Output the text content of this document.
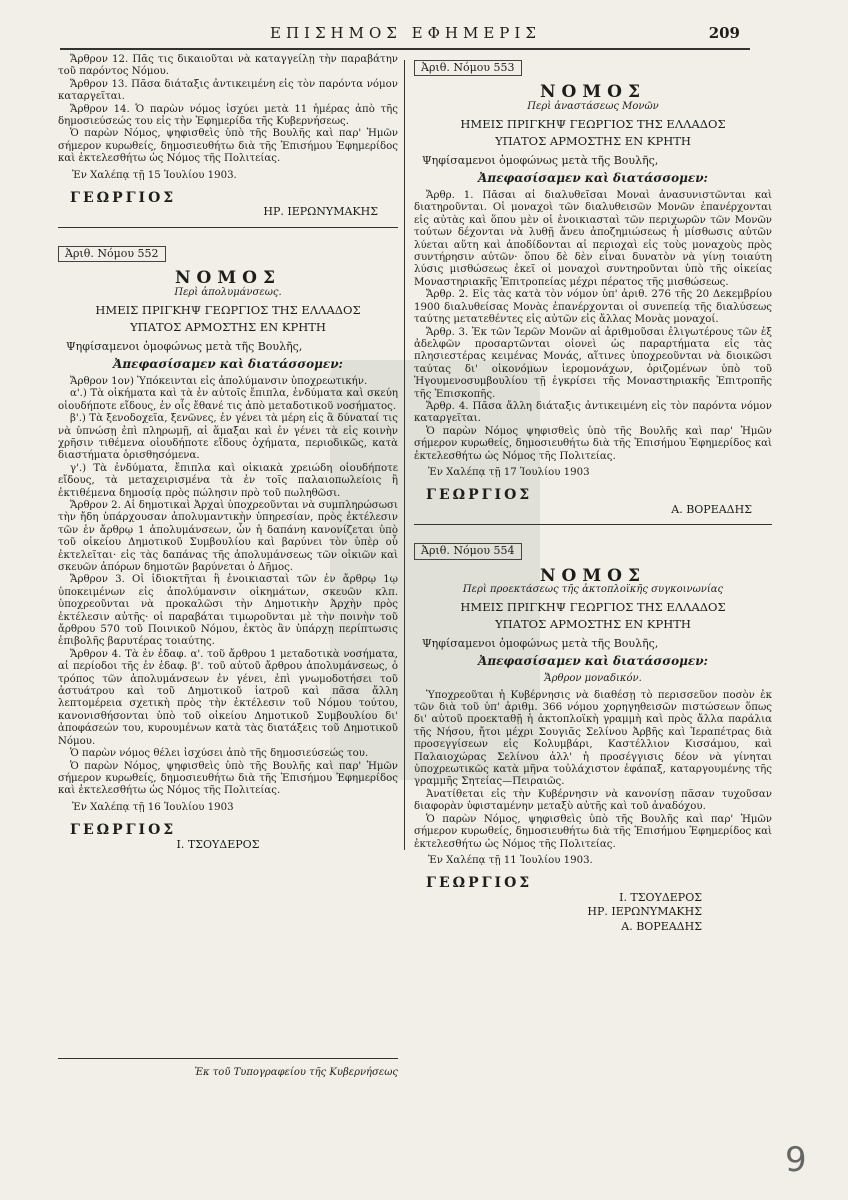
ΕΠΙΣΗΜΟΣ ΕΦΗΜΕΡΙΣ	209

Ἄρθρον 12. Πᾶς τις δικαιοῦται νὰ καταγγείλῃ τὴν παραβάτην τοῦ παρόντος Νόμου.

Ἄρθρον 13. Πᾶσα διάταξις ἀντικειμένη εἰς τὸν παρόντα νόμον καταργεῖται.

Ἄρθρον 14. Ὁ παρὼν νόμος ἰσχύει μετὰ 11 ἡμέρας ἀπὸ τῆς δημοσιεύσεώς του εἰς τὴν Ἐφημερίδα τῆς Κυβερνήσεως.

Ὁ παρὼν Νόμος, ψηφισθεὶς ὑπὸ τῆς Βουλῆς καὶ παρ' Ἡμῶν σήμερον κυρωθείς, δημοσιευθήτω διὰ τῆς Ἐπισήμου Ἐφημερίδος καὶ ἐκτελεσθήτω ὡς Νόμος τῆς Πολιτείας.

Ἐν Χαλέπᾳ τῇ 15 Ἰουλίου 1903.
ΓΕΩΡΓΙΟΣ
ΗΡ. ΙΕΡΩΝΥΜΑΚΗΣ
Ἀριθ. Νόμου 552
ΝΟΜΟΣ
Περὶ ἀπολυμάνσεως.
ΗΜΕΙΣ ΠΡΙΓΚΗΨ ΓΕΩΡΓΙΟΣ ΤΗΣ ΕΛΛΑΔΟΣ
ΥΠΑΤΟΣ ΑΡΜΟΣΤΗΣ ΕΝ ΚΡΗΤΗ
Ψηφίσαμενοι ὁμοφώνως μετὰ τῆς Βουλῆς,
Ἀπεφασίσαμεν καὶ διατάσσομεν:

Ἄρθρον 1ον) Ὑπόκεινται εἰς ἀπολύμανσιν ὑποχρεωτικήν.

α'.) Τὰ οἰκήματα καὶ τὰ ἐν αὐτοῖς ἔπιπλα, ἐνδύματα καὶ σκεύη οἱουδήποτε εἴδους, ἐν οἷς ἔθανέ τις ἀπὸ μεταδοτικοῦ νοσήματος.

β'.) Τὰ ξενοδοχεῖα, ξενῶνες, ἐν γένει τὰ μέρη εἰς ἃ δύναταί τις νὰ ὑπνώσῃ ἐπὶ πληρωμῇ, αἱ ἅμαξαι καὶ ἐν γένει τὰ εἰς κοινὴν χρῆσιν τιθέμενα οἱουδήποτε εἴδους ὀχήματα, περιοδικῶς, κατὰ διαστήματα ὁρισθησόμενα.

γ'.) Τὰ ἐνδύματα, ἔπιπλα καὶ οἰκιακὰ χρειώδη οἱουδήποτε εἴδους, τὰ μεταχειρισμένα τὰ ἐν τοῖς παλαιοπωλείοις ἢ ἐκτιθέμενα δημοσίᾳ πρὸς πώλησιν πρὸ τοῦ πωληθῶσι.

Ἄρθρον 2. Αἱ δημοτικαὶ Ἀρχαὶ ὑποχρεοῦνται νὰ συμπληρώσωσι τὴν ἤδη ὑπάρχουσαν ἀπολυμαντικὴν ὑπηρεσίαν, πρὸς ἐκτέλεσιν τῶν ἐν ἄρθρῳ 1 ἀπολυμάνσεων, ὧν ἡ δαπάνη κανονίζεται ὑπὸ τοῦ οἰκείου Δημοτικοῦ Συμβουλίου καὶ βαρύνει τὸν ὑπὲρ οὗ ἐκτελεῖται· εἰς τὰς δαπάνας τῆς ἀπολυμάνσεως τῶν οἰκιῶν καὶ σκευῶν ἀπόρων δημοτῶν βαρύνεται ὁ Δῆμος.

Ἄρθρον 3. Οἱ ἰδιοκτῆται ἢ ἐνοικιασταὶ τῶν ἐν ἄρθρῳ 1ῳ ὑποκειμένων εἰς ἀπολύμανσιν οἰκημάτων, σκευῶν κλπ. ὑποχρεοῦνται νὰ προκαλῶσι τὴν Δημοτικὴν Ἀρχὴν πρὸς ἐκτέλεσιν αὐτῆς· οἱ παραβάται τιμωροῦνται μὲ τὴν ποινὴν τοῦ ἄρθρου 570 τοῦ Ποινικοῦ Νόμου, ἐκτὸς ἂν ὑπάρχῃ περίπτωσις ἐπιβολῆς βαρυτέρας τοιαύτης.

Ἄρθρον 4. Τὰ ἐν ἐδαφ. α'. τοῦ ἄρθρου 1 μεταδοτικὰ νοσήματα, αἱ περίοδοι τῆς ἐν ἐδαφ. β'. τοῦ αὐτοῦ ἄρθρου ἀπολυμάνσεως, ὁ τρόπος τῶν ἀπολυμάνσεων ἐν γένει, ἐπὶ γνωμοδοτήσει τοῦ ἀστυάτρου καὶ τοῦ Δημοτικοῦ ἰατροῦ καὶ πᾶσα ἄλλη λεπτομέρεια σχετικὴ πρὸς τὴν ἐκτέλεσιν τοῦ Νόμου τούτου, κανονισθήσονται ὑπὸ τοῦ οἰκείου Δημοτικοῦ Συμβουλίου δι' ἀποφάσεών του, κυρουμένων κατὰ τὰς διατάξεις τοῦ Δημοτικοῦ Νόμου.

Ὁ παρὼν νόμος θέλει ἰσχύσει ἀπὸ τῆς δημοσιεύσεώς του.

Ὁ παρὼν Νόμος, ψηφισθεὶς ὑπὸ τῆς Βουλῆς καὶ παρ' Ἡμῶν σήμερον κυρωθείς, δημοσιευθήτω διὰ τῆς Ἐπισήμου Ἐφημερίδος καὶ ἐκτελεσθήτω ὡς Νόμος τῆς Πολιτείας.

Ἐν Χαλέπᾳ τῇ 16 Ἰουλίου 1903
ΓΕΩΡΓΙΟΣ
Ι. ΤΣΟΥΔΕΡΟΣ
Ἀριθ. Νόμου 553
ΝΟΜΟΣ
Περὶ ἀναστάσεως Μονῶν
ΗΜΕΙΣ ΠΡΙΓΚΗΨ ΓΕΩΡΓΙΟΣ ΤΗΣ ΕΛΛΑΔΟΣ
ΥΠΑΤΟΣ ΑΡΜΟΣΤΗΣ ΕΝ ΚΡΗΤΗ
Ψηφίσαμενοι ὁμοφώνως μετὰ τῆς Βουλῆς,
Ἀπεφασίσαμεν καὶ διατάσσομεν:

Ἄρθρ. 1. Πᾶσαι αἱ διαλυθεῖσαι Μοναὶ ἀνασυνιστῶνται καὶ διατηροῦνται. Οἱ μοναχοὶ τῶν διαλυθεισῶν Μονῶν ἐπανέρχονται εἰς αὐτὰς καὶ ὅπου μὲν οἱ ἐνοικιασταὶ τῶν περιχωρῶν τῶν Μονῶν τούτων δέχονται νὰ λυθῇ ἄνευ ἀποζημιώσεως ἡ μίσθωσις αὐτῶν λύεται αὕτη καὶ ἀποδίδονται αἱ περιοχαὶ εἰς τοὺς μοναχοὺς πρὸς συντήρησιν αὐτῶν· ὅπου δὲ δὲν εἶναι δυνατὸν νὰ γίνῃ τοιαύτη λύσις μισθώσεως ἐκεῖ οἱ μοναχοὶ συντηροῦνται ὑπὸ τῆς οἰκείας Μοναστηριακῆς Ἐπιτροπείας μέχρι πέρατος τῆς μισθώσεως.

Ἄρθρ. 2. Εἰς τὰς κατὰ τὸν νόμον ὑπ' ἀριθ. 276 τῆς 20 Δεκεμβρίου 1900 διαλυθείσας Μονὰς ἐπανέρχονται οἱ συνεπείᾳ τῆς διαλύσεως ταύτης μετατεθέντες εἰς αὐτῶν εἰς ἄλλας Μονὰς μοναχοί.

Ἄρθρ. 3. Ἐκ τῶν Ἱερῶν Μονῶν αἱ ἀριθμοῦσαι ἐλιγωτέρους τῶν ἐξ ἀδελφῶν προσαρτῶνται οἱονεὶ ὡς παραρτήματα εἰς τὰς πλησιεστέρας κειμένας Μονάς, αἵτινες ὑποχρεοῦνται νὰ διοικῶσι ταύτας δι' οἰκονόμων ἱερομονάχων, ὁριζομένων ὑπὸ τοῦ Ἡγουμενοσυμβουλίου τῇ ἐγκρίσει τῆς Μοναστηριακῆς Ἐπιτροπῆς τῆς Ἐπισκοπῆς.

Ἄρθρ. 4. Πᾶσα ἄλλη διάταξις ἀντικειμένη εἰς τὸν παρόντα νόμον καταργεῖται.

Ὁ παρὼν Νόμος ψηφισθεὶς ὑπὸ τῆς Βουλῆς καὶ παρ' Ἡμῶν σήμερον κυρωθείς, δημοσιευθήτω διὰ τῆς Ἐπισήμου Ἐφημερίδος καὶ ἐκτελεσθήτω ὡς Νόμος τῆς Πολιτείας.

Ἐν Χαλέπᾳ τῇ 17 Ἰουλίου 1903
ΓΕΩΡΓΙΟΣ
Α. ΒΟΡΕΑΔΗΣ
Ἀριθ. Νόμου 554
ΝΟΜΟΣ
Περὶ προεκτάσεως τῆς ἀκτοπλοϊκῆς συγκοινωνίας
ΗΜΕΙΣ ΠΡΙΓΚΗΨ ΓΕΩΡΓΙΟΣ ΤΗΣ ΕΛΛΑΔΟΣ
ΥΠΑΤΟΣ ΑΡΜΟΣΤΗΣ ΕΝ ΚΡΗΤΗ
Ψηφίσαμενοι ὁμοφώνως μετὰ τῆς Βουλῆς,
Ἀπεφασίσαμεν καὶ διατάσσομεν:
Ἄρθρον μοναδικόν.

Ὑποχρεοῦται ἡ Κυβέρνησις νὰ διαθέσῃ τὸ περισσεῦον ποσὸν ἐκ τῶν διὰ τοῦ ὑπ' ἀριθμ. 366 νόμου χορηγηθεισῶν πιστώσεων ὅπως δι' αὐτοῦ προεκταθῇ ἡ ἀκτοπλοϊκὴ γραμμὴ καὶ πρὸς ἄλλα παράλια τῆς Νήσου, ἤτοι μέχρι Σουγιᾶς Σελίνου Ἀρβῆς καὶ Ἱεραπέτρας διὰ προσεγγίσεων εἰς Κολυμβάρι, Καστέλλιον Κισσάμου, καὶ Παλαιοχώρας Σελίνου ἀλλ' ἡ προσέγγισις δέον νὰ γίνηται ὑποχρεωτικῶς κατὰ μῆνα τοὐλάχιστον ἐφάπαξ, καταργουμένης τῆς γραμμῆς Σητείας—Πειραιῶς.

Ἀνατίθεται εἰς τὴν Κυβέρνησιν νὰ κανονίσῃ πᾶσαν τυχοῦσαν διαφορὰν ὑφισταμένην μεταξὺ αὐτῆς καὶ τοῦ ἀναδόχου.

Ὁ παρὼν Νόμος, ψηφισθεὶς ὑπὸ τῆς Βουλῆς καὶ παρ' Ἡμῶν σήμερον κυρωθείς, δημοσιευθήτω διὰ τῆς Ἐπισήμου Ἐφημερίδος καὶ ἐκτελεσθήτω ὡς Νόμος τῆς Πολιτείας.

Ἐν Χαλέπᾳ τῇ 11 Ἰουλίου 1903.
ΓΕΩΡΓΙΟΣ
Ι. ΤΣΟΥΔΕΡΟΣ
ΗΡ. ΙΕΡΩΝΥΜΑΚΗΣ
Α. ΒΟΡΕΑΔΗΣ
Ἐκ τοῦ Τυπογραφείου τῆς Κυβερνήσεως
9
